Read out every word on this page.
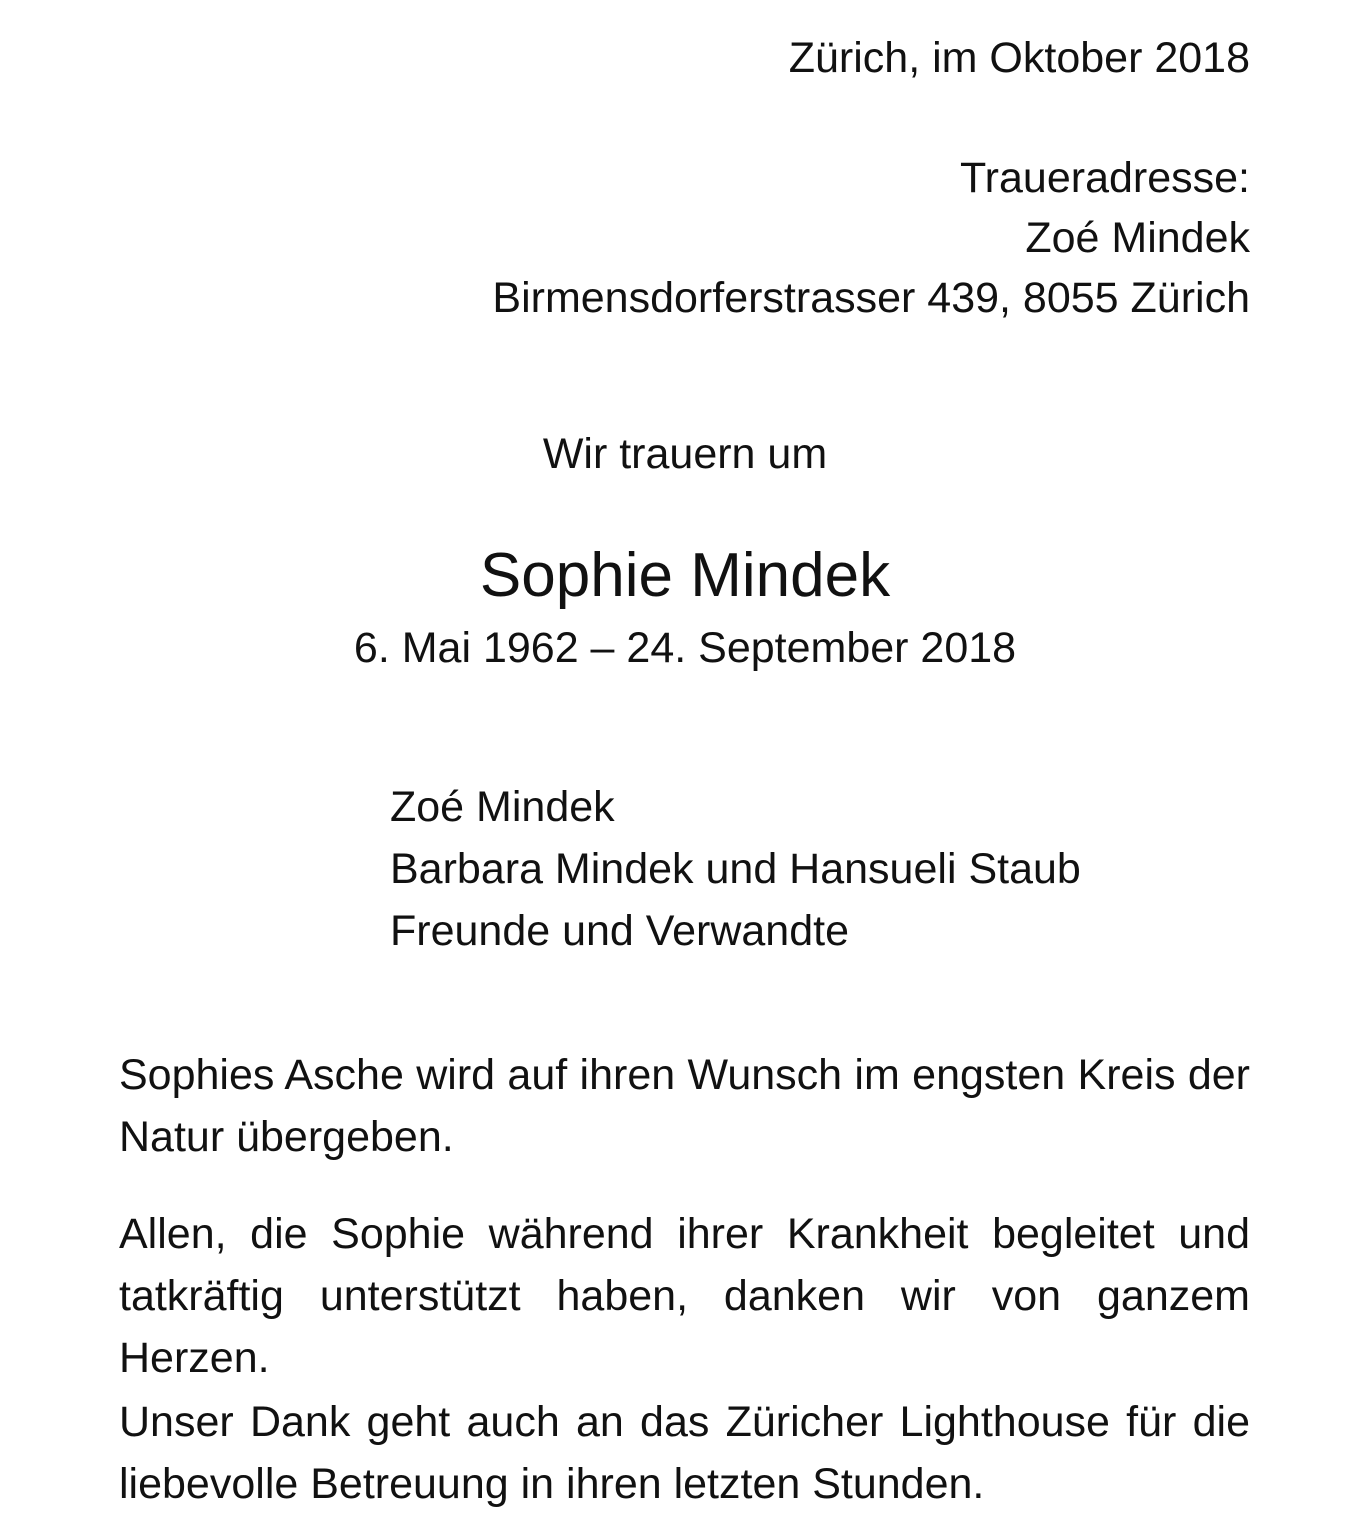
Zürich, im Oktober 2018
Traueradresse:
Zoé Mindek
Birmensdorferstrasser 439, 8055 Zürich
Wir trauern um
Sophie Mindek
6. Mai 1962 – 24. September 2018
Zoé Mindek
Barbara Mindek und Hansueli Staub
Freunde und Verwandte

Sophies Asche wird auf ihren Wunsch im engsten Kreis der Natur übergeben.

Allen, die Sophie während ihrer Krankheit begleitet und tatkräftig unterstützt haben, danken wir von ganzem Herzen.

Unser Dank geht auch an das Züricher Lighthouse für die liebevolle Betreuung in ihren letzten Stunden.
